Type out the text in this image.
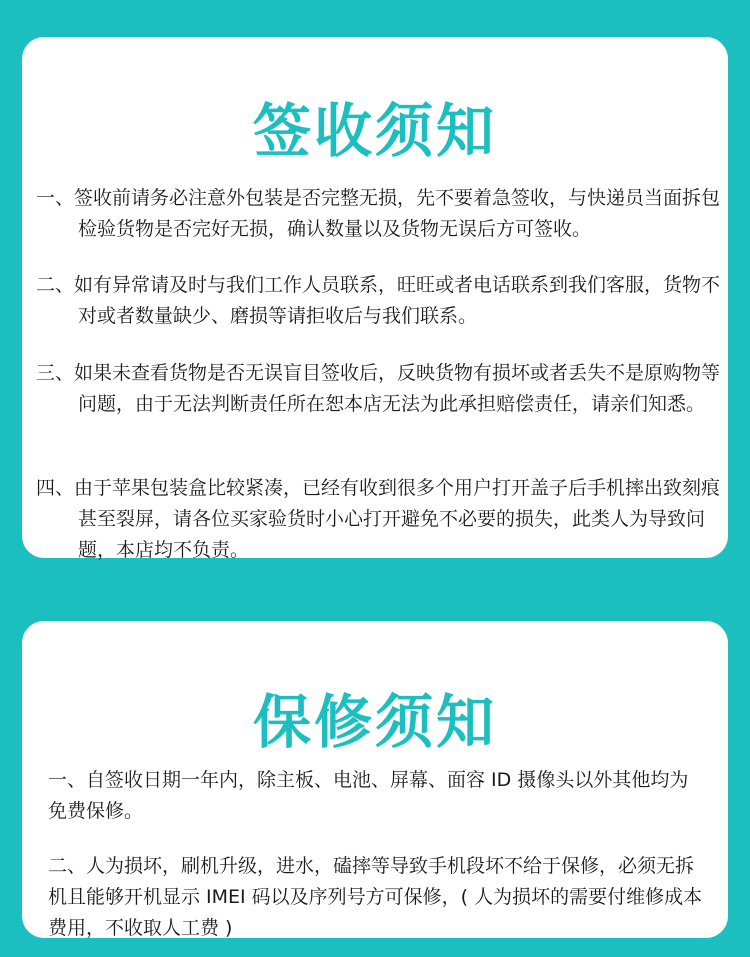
签收须知

一、签收前请务必注意外包装是否完整无损，先不要着急签收，与快递员当面拆包检验货物是否完好无损，确认数量以及货物无误后方可签收。

二、如有异常请及时与我们工作人员联系，旺旺或者电话联系到我们客服，货物不对或者数量缺少、磨损等请拒收后与我们联系。

三、如果未查看货物是否无误盲目签收后，反映货物有损坏或者丢失不是原购物等问题，由于无法判断责任所在恕本店无法为此承担赔偿责任，请亲们知悉。

四、由于苹果包装盒比较紧凑，已经有收到很多个用户打开盖子后手机摔出致刻痕甚至裂屏，请各位买家验货时小心打开避免不必要的损失，此类人为导致问题，本店均不负责。

保修须知

一、自签收日期一年内，除主板、电池、屏幕、面容 ID 摄像头以外其他均为免费保修。

二、人为损坏，刷机升级，进水，磕摔等导致手机段坏不给于保修，必须无拆机且能够开机显示 IMEI 码以及序列号方可保修，( 人为损坏的需要付维修成本费用，不收取人工费 )
